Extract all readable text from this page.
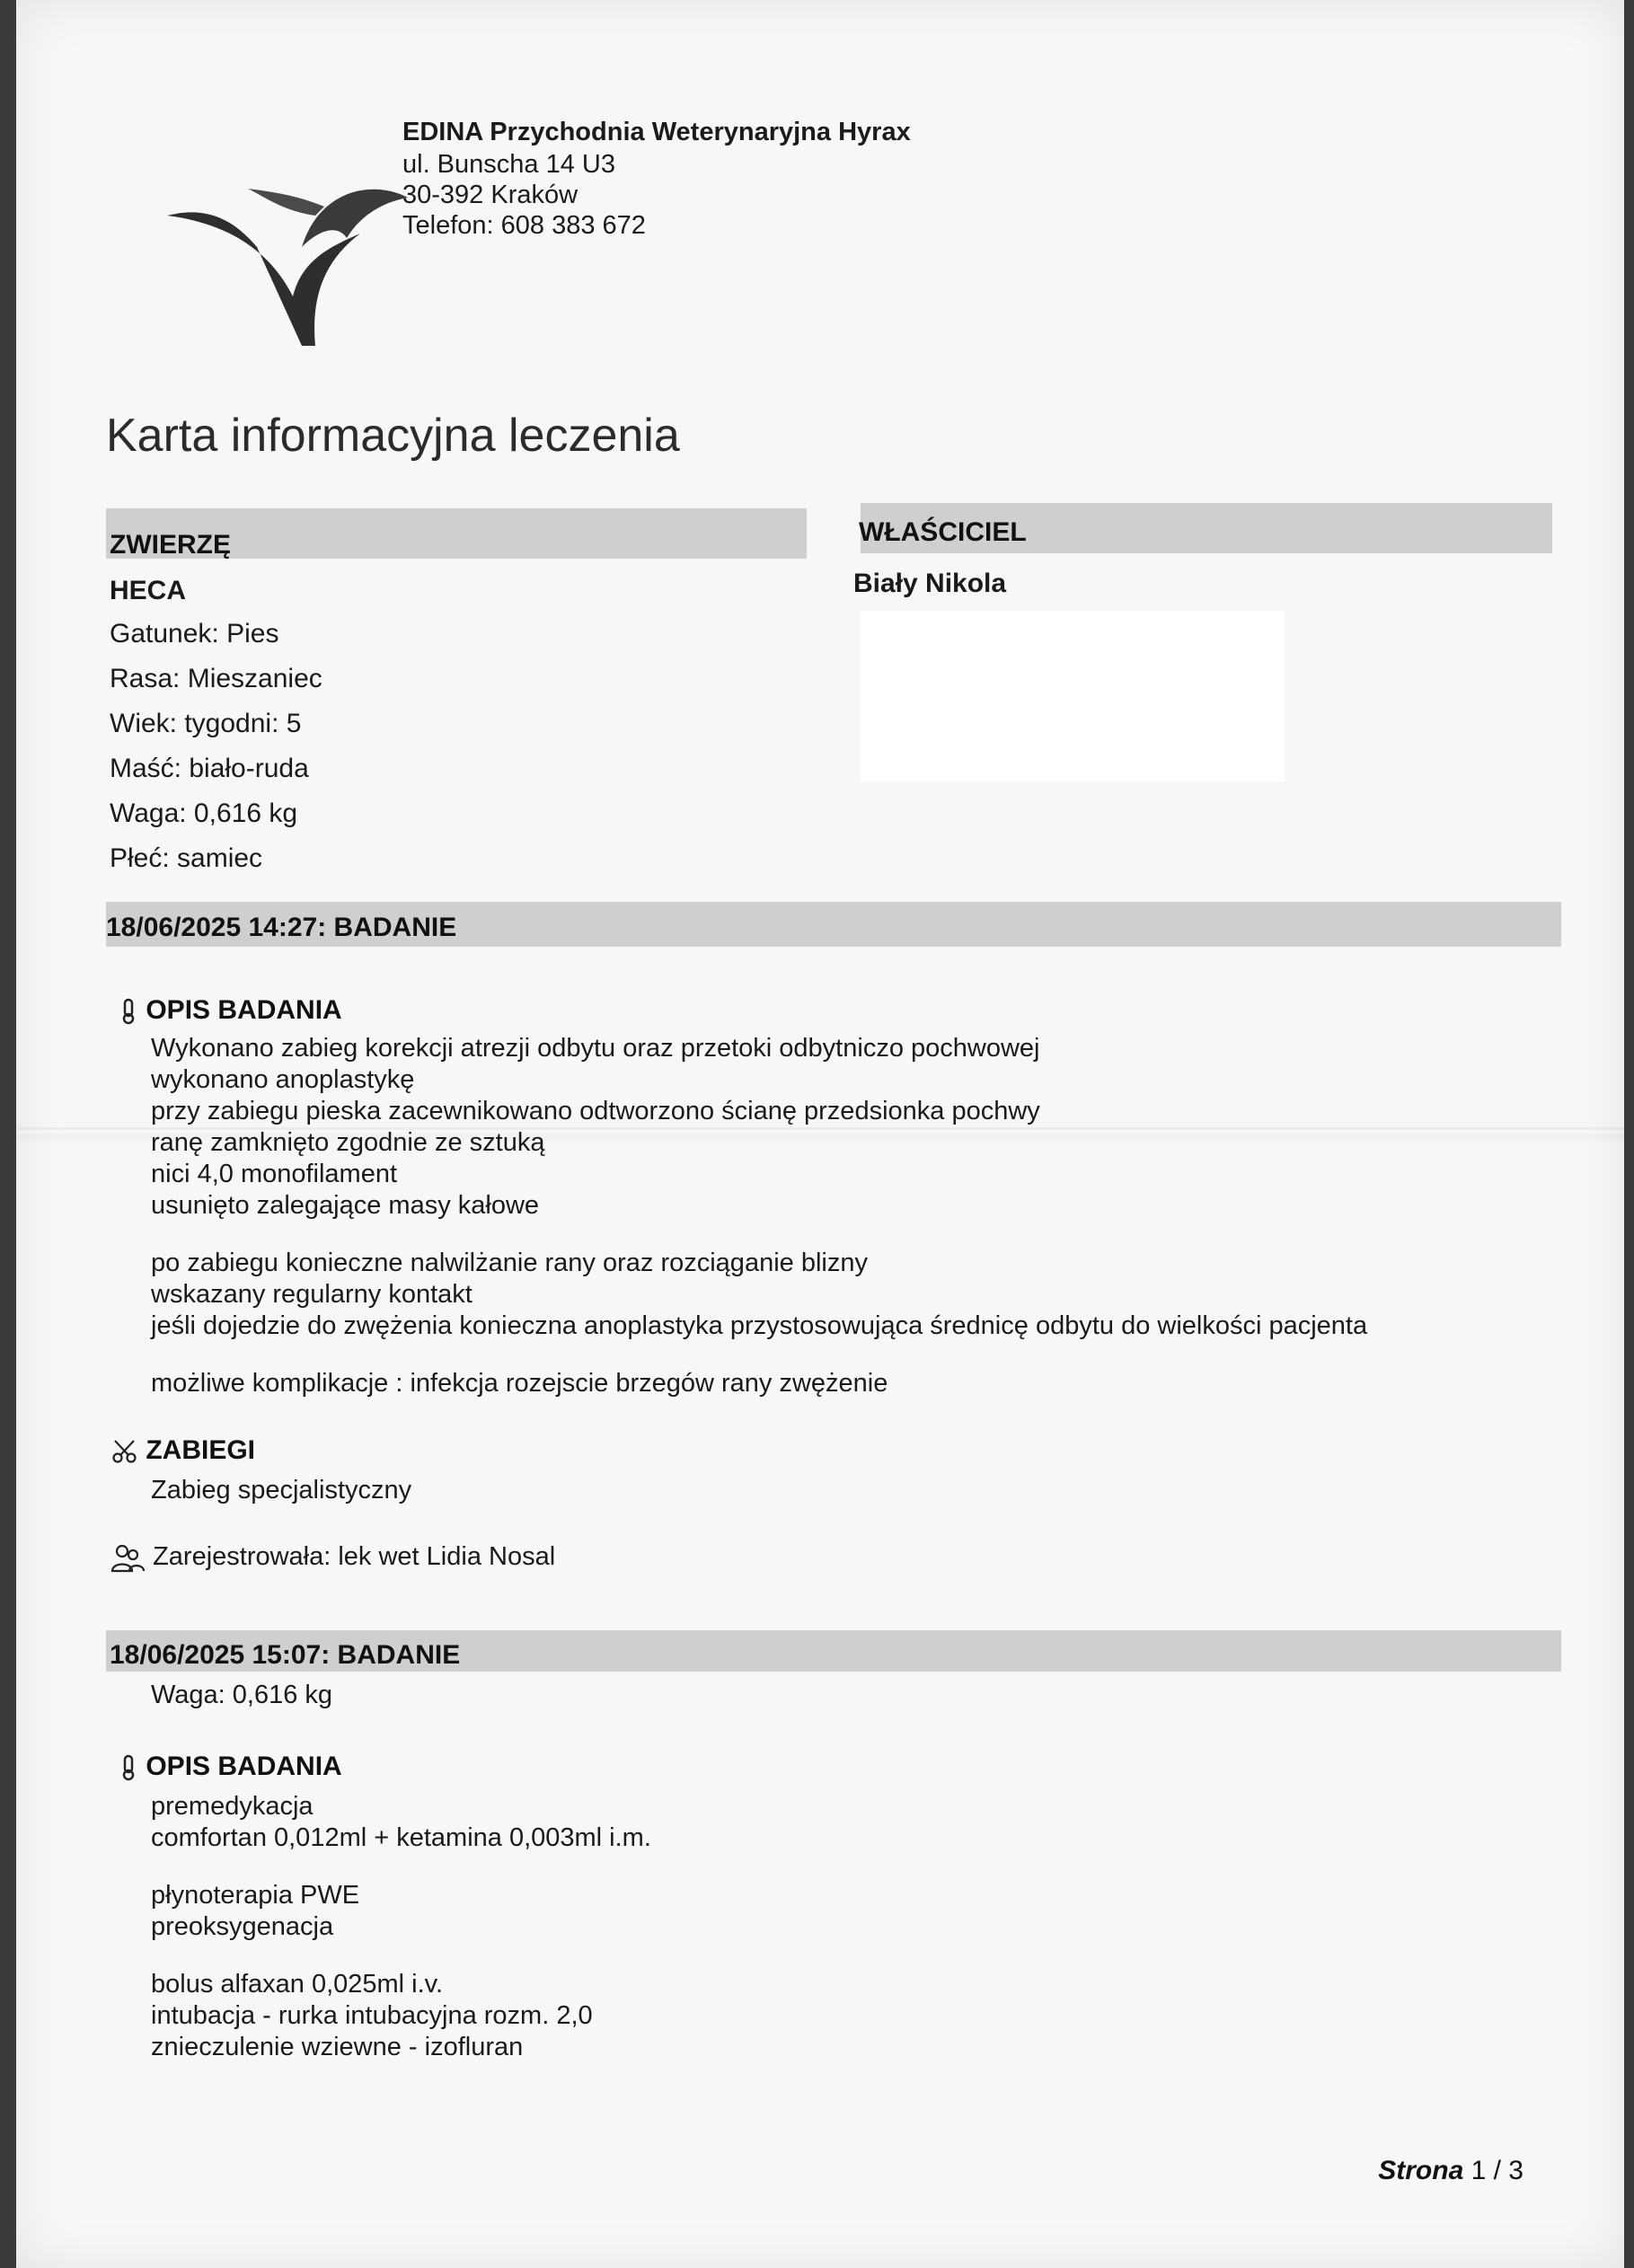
EDINA Przychodnia Weterynaryjna Hyrax
ul. Bunscha 14 U3
30-392 Kraków
Telefon: 608 383 672
Karta informacyjna leczenia
ZWIERZĘ	WŁAŚCICIEL
HECA
Gatunek: Pies
Rasa: Mieszaniec
Wiek: tygodni: 5
Maść: biało-ruda
Waga: 0,616 kg
Płeć: samiec
Biały Nikola
18/06/2025 14:27: BADANIE
OPIS BADANIA
Wykonano zabieg korekcji atrezji odbytu oraz przetoki odbytniczo pochwowej
wykonano anoplastykę
przy zabiegu pieska zacewnikowano odtworzono ścianę przedsionka pochwy
ranę zamknięto zgodnie ze sztuką
nici 4,0 monofilament
usunięto zalegające masy kałowe
po zabiegu konieczne nalwilżanie rany oraz rozciąganie blizny
wskazany regularny kontakt
jeśli dojedzie do zwężenia konieczna anoplastyka przystosowująca średnicę odbytu do wielkości pacjenta
możliwe komplikacje : infekcja rozejscie brzegów rany zwężenie
ZABIEGI
Zabieg specjalistyczny
Zarejestrowała: lek wet Lidia Nosal
18/06/2025 15:07: BADANIE
Waga: 0,616 kg
OPIS BADANIA
premedykacja
comfortan 0,012ml + ketamina 0,003ml i.m.
płynoterapia PWE
preoksygenacja
bolus alfaxan 0,025ml i.v.
intubacja - rurka intubacyjna rozm. 2,0
znieczulenie wziewne - izofluran
Strona 1 / 3
